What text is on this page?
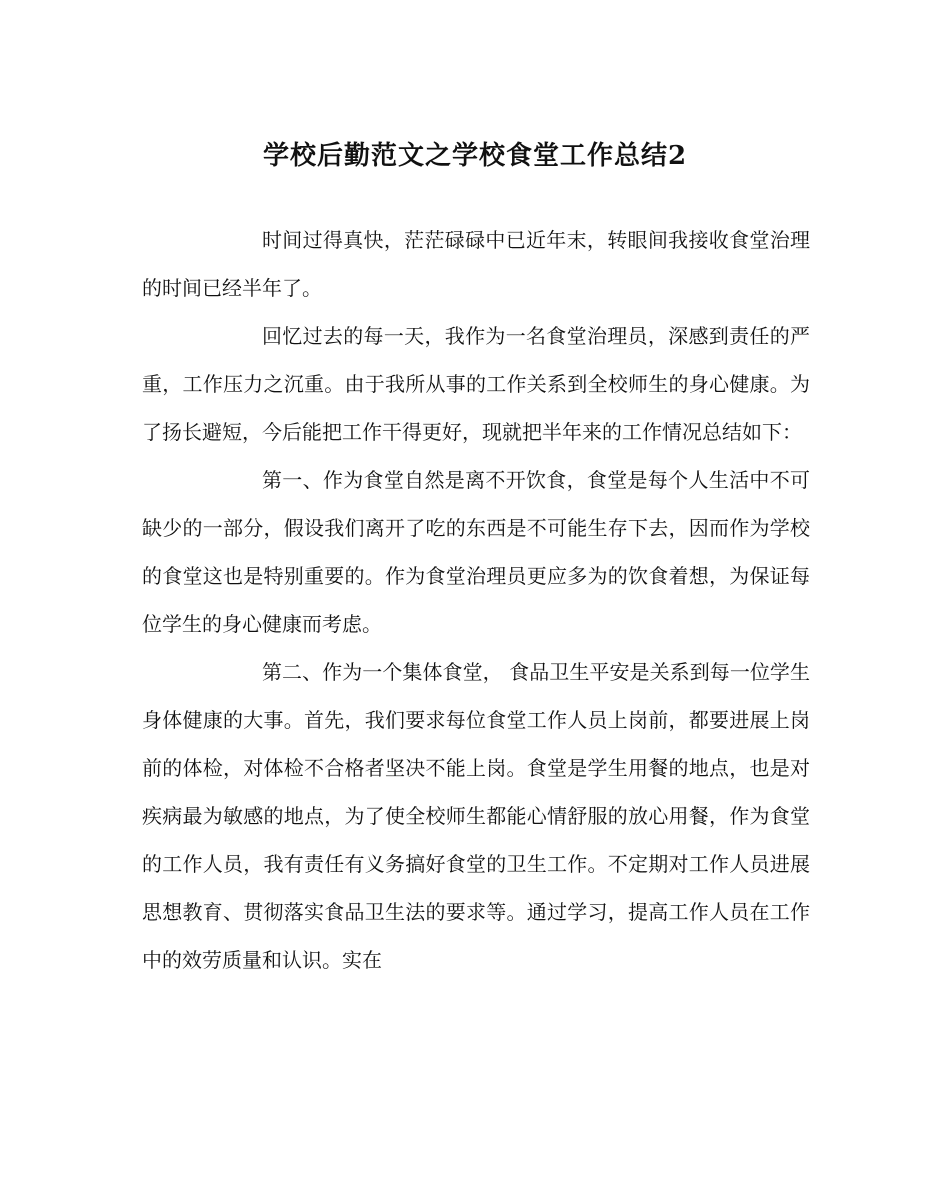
学校后勤范文之学校食堂工作总结2

时间过得真快，茫茫碌碌中已近年末，转眼间我接收食堂治理的时间已经半年了。

回忆过去的每一天，我作为一名食堂治理员，深感到责任的严重，工作压力之沉重。由于我所从事的工作关系到全校师生的身心健康。为了扬长避短，今后能把工作干得更好，现就把半年来的工作情况总结如下：

第一、作为食堂自然是离不开饮食，食堂是每个人生活中不可缺少的一部分，假设我们离开了吃的东西是不可能生存下去，因而作为学校的食堂这也是特别重要的。作为食堂治理员更应多为的饮食着想，为保证每位学生的身心健康而考虑。

第二、作为一个集体食堂， 食品卫生平安是关系到每一位学生身体健康的大事。首先，我们要求每位食堂工作人员上岗前，都要进展上岗前的体检，对体检不合格者坚决不能上岗。食堂是学生用餐的地点，也是对疾病最为敏感的地点，为了使全校师生都能心情舒服的放心用餐，作为食堂的工作人员，我有责任有义务搞好食堂的卫生工作。不定期对工作人员进展思想教育、贯彻落实食品卫生法的要求等。通过学习，提高工作人员在工作中的效劳质量和认识。实在
